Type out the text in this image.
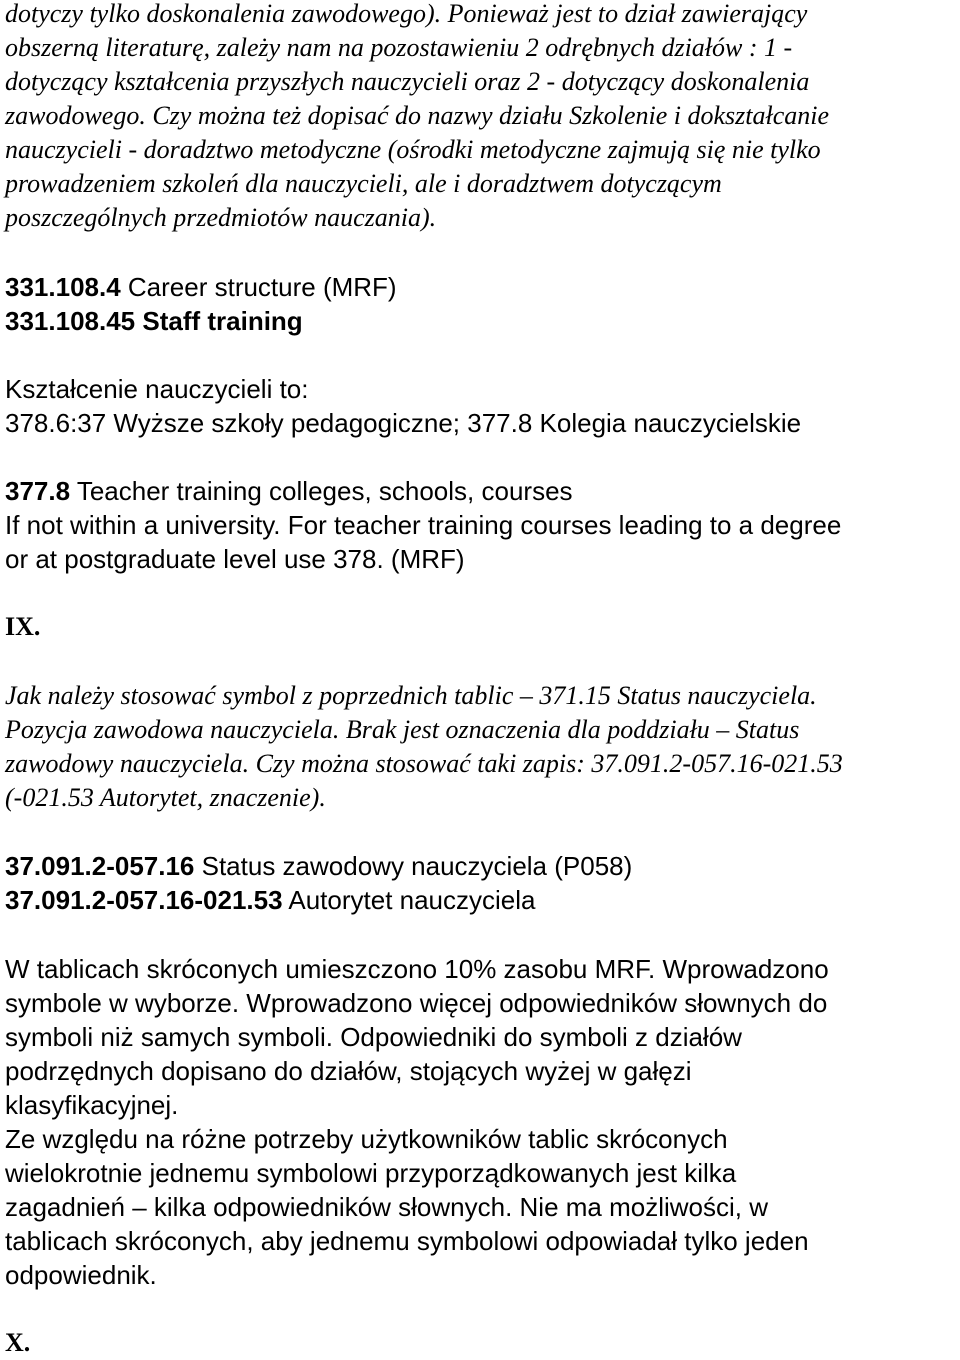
dotyczy tylko doskonalenia zawodowego). Ponieważ jest to dział zawierający
obszerną literaturę, zależy nam na pozostawieniu 2 odrębnych działów : 1 -
dotyczący kształcenia przyszłych nauczycieli oraz 2 - dotyczący doskonalenia
zawodowego. Czy można też dopisać do nazwy działu Szkolenie i dokształcanie
nauczycieli - doradztwo metodyczne (ośrodki metodyczne zajmują się nie tylko
prowadzeniem szkoleń dla nauczycieli, ale i doradztwem dotyczącym
poszczególnych przedmiotów nauczania).
331.108.4 Career structure (MRF)
331.108.45 Staff training
Kształcenie nauczycieli to:
378.6:37 Wyższe szkoły pedagogiczne; 377.8 Kolegia nauczycielskie
377.8 Teacher training colleges, schools, courses
If not within a university. For teacher training courses leading to a degree
or at postgraduate level use 378. (MRF)
IX.
Jak należy stosować symbol z poprzednich tablic – 371.15 Status nauczyciela.
Pozycja zawodowa nauczyciela. Brak jest oznaczenia dla poddziału – Status
zawodowy nauczyciela. Czy można stosować taki zapis: 37.091.2-057.16-021.53
(-021.53 Autorytet, znaczenie).
37.091.2-057.16 Status zawodowy nauczyciela (P058)
37.091.2-057.16-021.53 Autorytet nauczyciela
W tablicach skróconych umieszczono 10% zasobu MRF. Wprowadzono
symbole w wyborze. Wprowadzono więcej odpowiedników słownych do
symboli niż samych symboli. Odpowiedniki do symboli z działów
podrzędnych dopisano do działów, stojących wyżej w gałęzi
klasyfikacyjnej.
Ze względu na różne potrzeby użytkowników tablic skróconych
wielokrotnie jednemu symbolowi przyporządkowanych jest kilka
zagadnień – kilka odpowiedników słownych. Nie ma możliwości, w
tablicach skróconych, aby jednemu symbolowi odpowiadał tylko jeden
odpowiednik.
X.
